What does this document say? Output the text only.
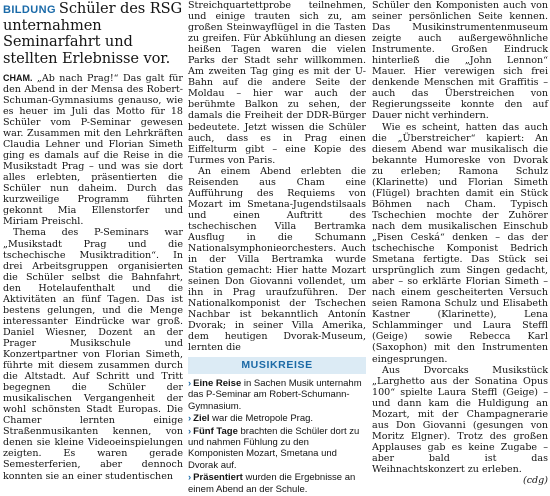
BILDUNG Schüler des RSG unternahmen Seminarfahrt und stellten Erlebnisse vor.

CHAM. „Ab nach Prag!“ Das galt für den Abend in der Mensa des Robert-Schuman-Gymnasiums genauso, wie es heuer im Juli das Motto für 18 Schüler vom P-Seminar gewesen war. Zusammen mit den Lehrkräften Claudia Lehner und Florian Simeth ging es damals auf die Reise in die Musikstadt Prag – und was sie dort alles erlebten, präsentierten die Schüler nun daheim. Durch das kurzweilige Programm führten gekonnt Mia Ellenstorfer und Miriam Preischl.

Thema des P-Seminars war „Musikstadt Prag und die tschechische Musiktradition“. In drei Arbeitsgruppen organisierten die Schüler selbst die Bahnfahrt, den Hotelaufenthalt und die Aktivitäten an fünf Tagen. Das ist bestens gelungen, und die Menge interessanter Eindrücke war groß. Daniel Wiesner, Dozent an der Prager Musikschule und Konzertpartner von Florian Simeth, führte mit diesem zusammen durch die Altstadt. Auf Schritt und Tritt begegnen die Schüler der musikalischen Vergangenheit der wohl schönsten Stadt Europas. Die Chamer lernten einige Straßenmusikanten kennen, von denen sie kleine Videoeinspielungen zeigten. Es waren gerade Semesterferien, aber dennoch konnten sie an einer studentischen

Streichquartettprobe teilnehmen, und einige trauten sich zu, am großen Steinwayflügel in die Tasten zu greifen. Für Abkühlung an diesen heißen Tagen waren die vielen Parks der Stadt sehr willkommen. Am zweiten Tag ging es mit der U-Bahn auf die andere Seite der Moldau – hier war auch der berühmte Balkon zu sehen, der damals die Freiheit der DDR-Bürger bedeutete. Jetzt wissen die Schüler auch, dass es in Prag einen Eiffelturm gibt – eine Kopie des Turmes von Paris.

An einem Abend erlebten die Reisenden aus Cham eine Aufführung des Requiems von Mozart im Smetana-Jugendstilsaals und einen Auftritt des tschechischen Villa Bertramka Ausflug in die Schumann Nationalsymphonieorchesters. Auch in der Villa Bertramka wurde Station gemacht: Hier hatte Mozart seinen Don Giovanni vollendet, um ihn in Prag uraufzuführen. Der Nationalkomponist der Tschechen Nachbar ist bekanntlich Antonín Dvorak; in seiner Villa Amerika, dem heutigen Dvorak-Museum, lernten die

MUSIKREISE
› Eine Reise in Sachen Musik unternahm das P-Seminar am Robert-Schumann-Gymnasium.
› Ziel war die Metropole Prag.
› Fünf Tage brachten die Schüler dort zu und nahmen Fühlung zu den Komponisten Mozart, Smetana und Dvorak auf.
› Präsentiert wurden die Ergebnisse an einem Abend an der Schule.

Schüler den Komponisten auch von seiner persönlichen Seite kennen. Das Musikinstrumentenmuseum zeigte auch außergewöhnliche Instrumente. Großen Eindruck hinterließ die „John Lennon“ Mauer. Hier verewigen sich frei denkende Menschen mit Graffitis – auch das Überstreichen von Regierungsseite konnte den auf Dauer nicht verhindern.

Wie es scheint, hatten das auch die „Überstreicher“ kapiert: An diesem Abend war musikalisch die bekannte Humoreske von Dvorak zu erleben; Ramona Schulz (Klarinette) und Florian Simeth (Flügel) brachten damit ein Stück Böhmen nach Cham. Typisch Tschechien mochte der Zuhörer nach dem musikalischen Einschub „Pisen Ceská“ denken – das der tschechische Komponist Bedrich Smetana fertigte. Das Stück sei ursprünglich zum Singen gedacht, aber – so erklärte Florian Simeth – nach einem gescheiterten Versuch seien Ramona Schulz und Elisabeth Kastner (Klarinette), Lena Schlamminger und Laura Steffl (Geige) sowie Rebecca Karl (Saxophon) mit den Instrumenten eingesprungen.

Aus Dvorcaks Musikstück „Larghetto aus der Sonatina Opus 100“ spielte Laura Steffl (Geige) – und dann kam die Huldigung an Mozart, mit der Champagnerarie aus Don Giovanni (gesungen von Moritz Elgner). Trotz des großen Applauses gab es keine Zugabe – aber bald ist das Weihnachtskonzert zu erleben.

(cdg)
